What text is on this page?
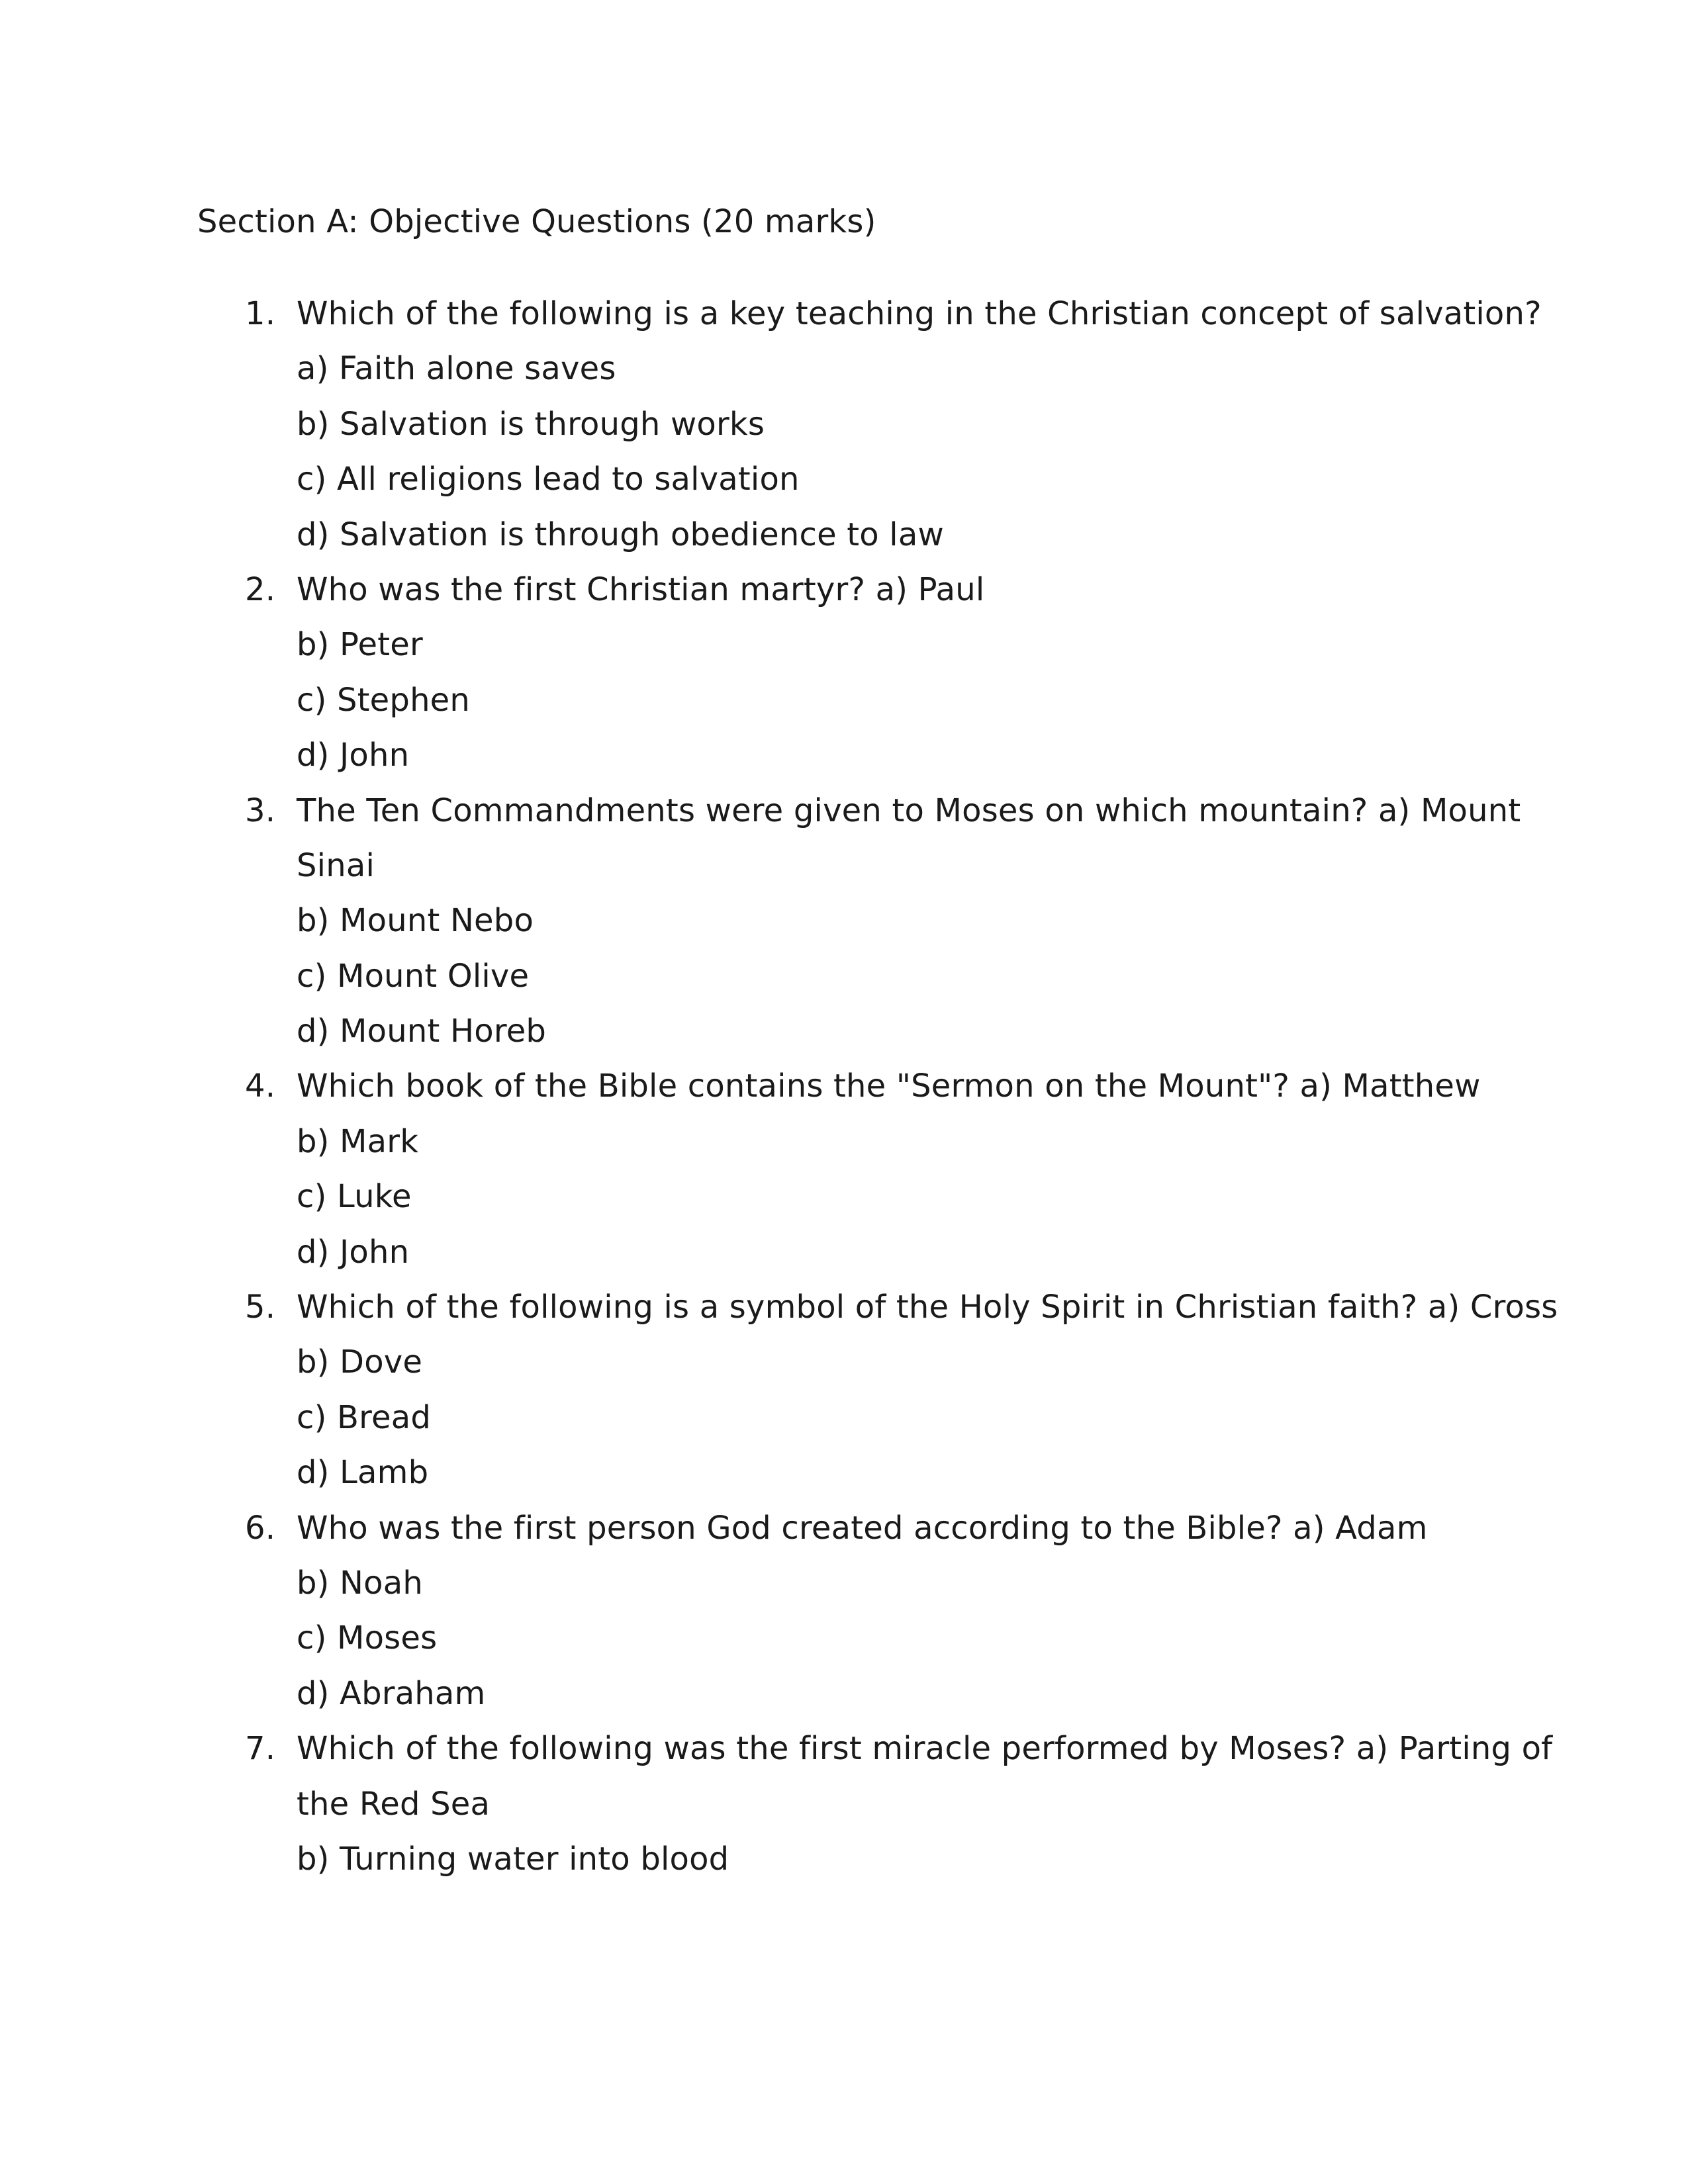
Section A: Objective Questions (20 marks)
1. Which of the following is a key teaching in the Christian concept of salvation?
a) Faith alone saves
b) Salvation is through works
c) All religions lead to salvation
d) Salvation is through obedience to law
2. Who was the first Christian martyr? a) Paul
b) Peter
c) Stephen
d) John
3. The Ten Commandments were given to Moses on which mountain? a) Mount
Sinai
b) Mount Nebo
c) Mount Olive
d) Mount Horeb
4. Which book of the Bible contains the "Sermon on the Mount"? a) Matthew
b) Mark
c) Luke
d) John
5. Which of the following is a symbol of the Holy Spirit in Christian faith? a) Cross
b) Dove
c) Bread
d) Lamb
6. Who was the first person God created according to the Bible? a) Adam
b) Noah
c) Moses
d) Abraham
7. Which of the following was the first miracle performed by Moses? a) Parting of
the Red Sea
b) Turning water into blood
